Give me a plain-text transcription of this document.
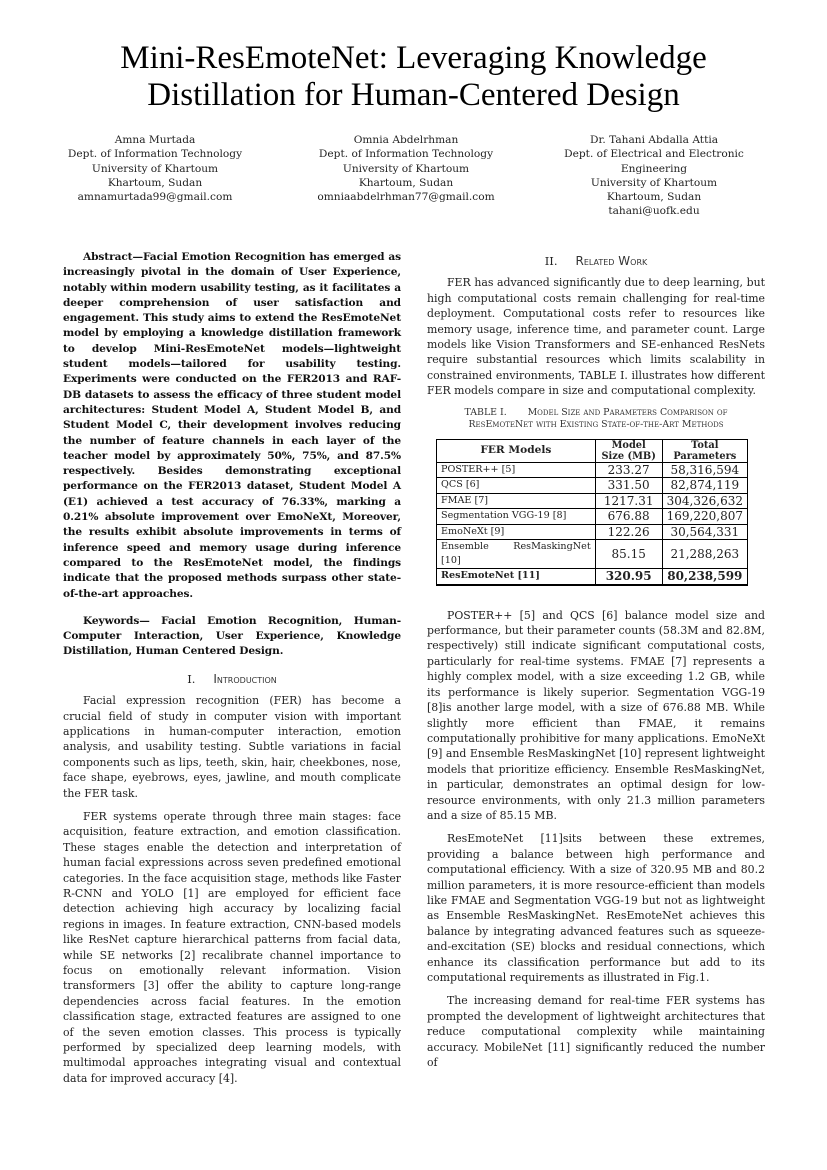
Mini-ResEmoteNet: Leveraging Knowledge
Distillation for Human-Centered Design
Amna Murtada
Dept. of Information Technology
University of Khartoum
Khartoum, Sudan
amnamurtada99@gmail.com
Omnia Abdelrhman
Dept. of Information Technology
University of Khartoum
Khartoum, Sudan
omniaabdelrhman77@gmail.com
Dr. Tahani Abdalla Attia
Dept. of Electrical and Electronic
Engineering
University of Khartoum
Khartoum, Sudan
tahani@uofk.edu

Abstract—Facial Emotion Recognition has emerged as increasingly pivotal in the domain of User Experience, notably within modern usability testing, as it facilitates a deeper comprehension of user satisfaction and engagement. This study aims to extend the ResEmoteNet model by employing a knowledge distillation framework to develop Mini-ResEmoteNet models—lightweight student models—tailored for usability testing. Experiments were conducted on the FER2013 and RAF-DB datasets to assess the efficacy of three student model architectures: Student Model A, Student Model B, and Student Model C, their development involves reducing the number of feature channels in each layer of the teacher model by approximately 50%, 75%, and 87.5% respectively. Besides demonstrating exceptional performance on the FER2013 dataset, Student Model A (E1) achieved a test accuracy of 76.33%, marking a 0.21% absolute improvement over EmoNeXt, Moreover, the results exhibit absolute improvements in terms of inference speed and memory usage during inference compared to the ResEmoteNet model, the findings indicate that the proposed methods surpass other state-of-the-art approaches.

Keywords— Facial Emotion Recognition, Human-Computer Interaction, User Experience, Knowledge Distillation, Human Centered Design.

I. Introduction

Facial expression recognition (FER) has become a crucial field of study in computer vision with important applications in human-computer interaction, emotion analysis, and usability testing. Subtle variations in facial components such as lips, teeth, skin, hair, cheekbones, nose, face shape, eyebrows, eyes, jawline, and mouth complicate the FER task.

FER systems operate through three main stages: face acquisition, feature extraction, and emotion classification. These stages enable the detection and interpretation of human facial expressions across seven predefined emotional categories. In the face acquisition stage, methods like Faster R-CNN and YOLO [1] are employed for efficient face detection achieving high accuracy by localizing facial regions in images. In feature extraction, CNN-based models like ResNet capture hierarchical patterns from facial data, while SE networks [2] recalibrate channel importance to focus on emotionally relevant information. Vision transformers [3] offer the ability to capture long-range dependencies across facial features. In the emotion classification stage, extracted features are assigned to one of the seven emotion classes. This process is typically performed by specialized deep learning models, with multimodal approaches integrating visual and contextual data for improved accuracy [4].

II. Related Work

FER has advanced significantly due to deep learning, but high computational costs remain challenging for real-time deployment. Computational costs refer to resources like memory usage, inference time, and parameter count. Large models like Vision Transformers and SE-enhanced ResNets require substantial resources which limits scalability in constrained environments, TABLE I. illustrates how different FER models compare in size and computational complexity.

TABLE I. Model Size and Parameters Comparison of
ResEmoteNet with Existing State-of-the-Art Methods
FER Models	Model Size (MB)	Total Parameters
POSTER++ [5]	233.27	58,316,594
QCS [6]	331.50	82,874,119
FMAE [7]	1217.31	304,326,632
Segmentation VGG-19 [8]	676.88	169,220,807
EmoNeXt [9]	122.26	30,564,331
Ensemble ResMaskingNet [10]	85.15	21,288,263
ResEmoteNet [11]	320.95	80,238,599

POSTER++ [5] and QCS [6] balance model size and performance, but their parameter counts (58.3M and 82.8M, respectively) still indicate significant computational costs, particularly for real-time systems. FMAE [7] represents a highly complex model, with a size exceeding 1.2 GB, while its performance is likely superior. Segmentation VGG-19 [8]is another large model, with a size of 676.88 MB. While slightly more efficient than FMAE, it remains computationally prohibitive for many applications. EmoNeXt [9] and Ensemble ResMaskingNet [10] represent lightweight models that prioritize efficiency. Ensemble ResMaskingNet, in particular, demonstrates an optimal design for low-resource environments, with only 21.3 million parameters and a size of 85.15 MB.

ResEmoteNet [11]sits between these extremes, providing a balance between high performance and computational efficiency. With a size of 320.95 MB and 80.2 million parameters, it is more resource-efficient than models like FMAE and Segmentation VGG-19 but not as lightweight as Ensemble ResMaskingNet. ResEmoteNet achieves this balance by integrating advanced features such as squeeze-and-excitation (SE) blocks and residual connections, which enhance its classification performance but add to its computational requirements as illustrated in Fig.1.

The increasing demand for real-time FER systems has prompted the development of lightweight architectures that reduce computational complexity while maintaining accuracy. MobileNet [11] significantly reduced the number of
